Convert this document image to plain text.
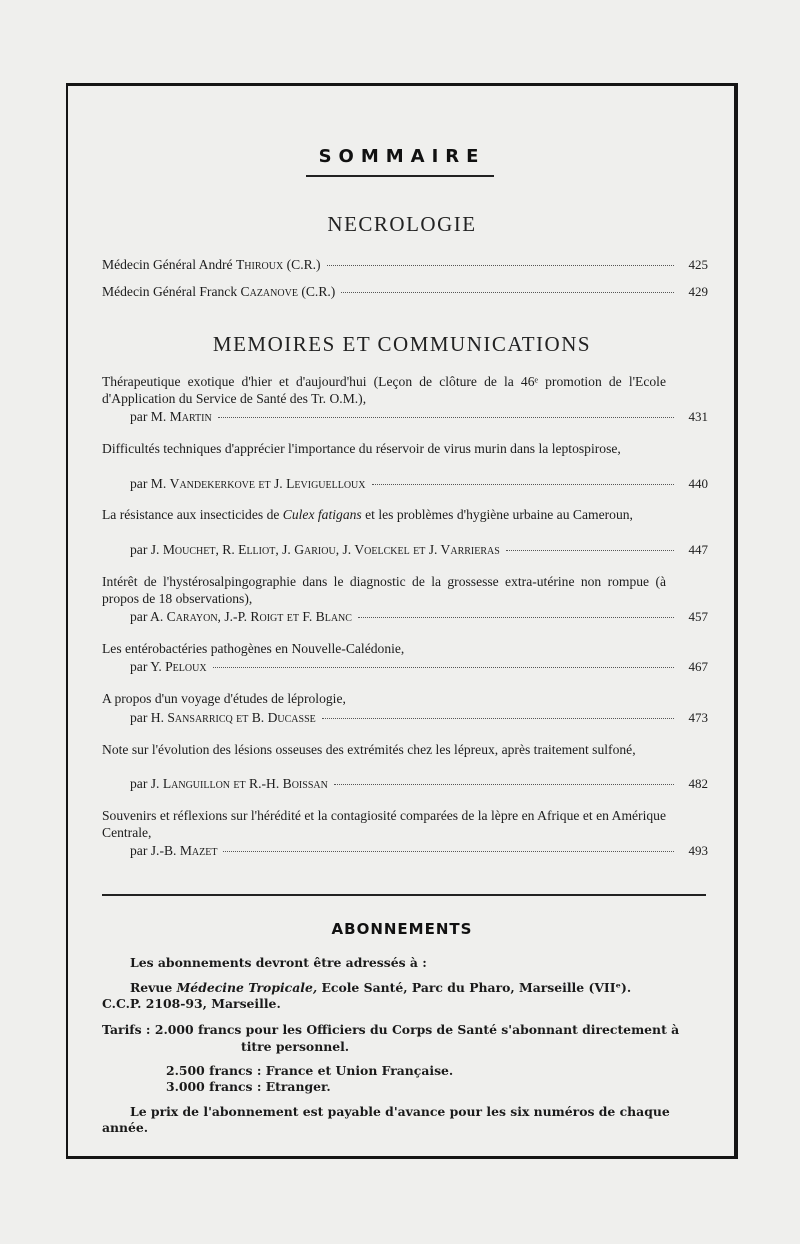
SOMMAIRE
NECROLOGIE
Médecin Général André Thiroux (C.R.)	425
Médecin Général Franck Cazanove (C.R.)	429
MEMOIRES ET COMMUNICATIONS
Thérapeutique exotique d'hier et d'aujourd'hui (Leçon de clôture de la 46ᵉ promotion de l'Ecole d'Application du Service de Santé des Tr. O.M.),
par M. Martin	431
Difficultés techniques d'apprécier l'importance du réservoir de virus murin dans la leptospirose,
par M. Vandekerkove et J. Leviguelloux	440
La résistance aux insecticides de Culex fatigans et les problèmes d'hygiène urbaine au Cameroun,
par J. Mouchet, R. Elliot, J. Gariou, J. Voelckel et J. Varrieras	447
Intérêt de l'hystérosalpingographie dans le diagnostic de la grossesse extra-utérine non rompue (à propos de 18 observations),
par A. Carayon, J.-P. Roigt et F. Blanc	457
Les entérobactéries pathogènes en Nouvelle-Calédonie,
par Y. Peloux	467
A propos d'un voyage d'études de léprologie,
par H. Sansarricq et B. Ducasse	473
Note sur l'évolution des lésions osseuses des extrémités chez les lépreux, après traitement sulfoné,
par J. Languillon et R.-H. Boissan	482
Souvenirs et réflexions sur l'hérédité et la contagiosité comparées de la lèpre en Afrique et en Amérique Centrale,
par J.-B. Mazet	493
ABONNEMENTS
Les abonnements devront être adressés à :
Revue Médecine Tropicale, Ecole Santé, Parc du Pharo, Marseille (VIIᵉ).
C.C.P. 2108-93, Marseille.
Tarifs : 2.000 francs pour les Officiers du Corps de Santé s'abonnant directement à
titre personnel.
2.500 francs : France et Union Française.
3.000 francs : Etranger.
Le prix de l'abonnement est payable d'avance pour les six numéros de chaque
année.
